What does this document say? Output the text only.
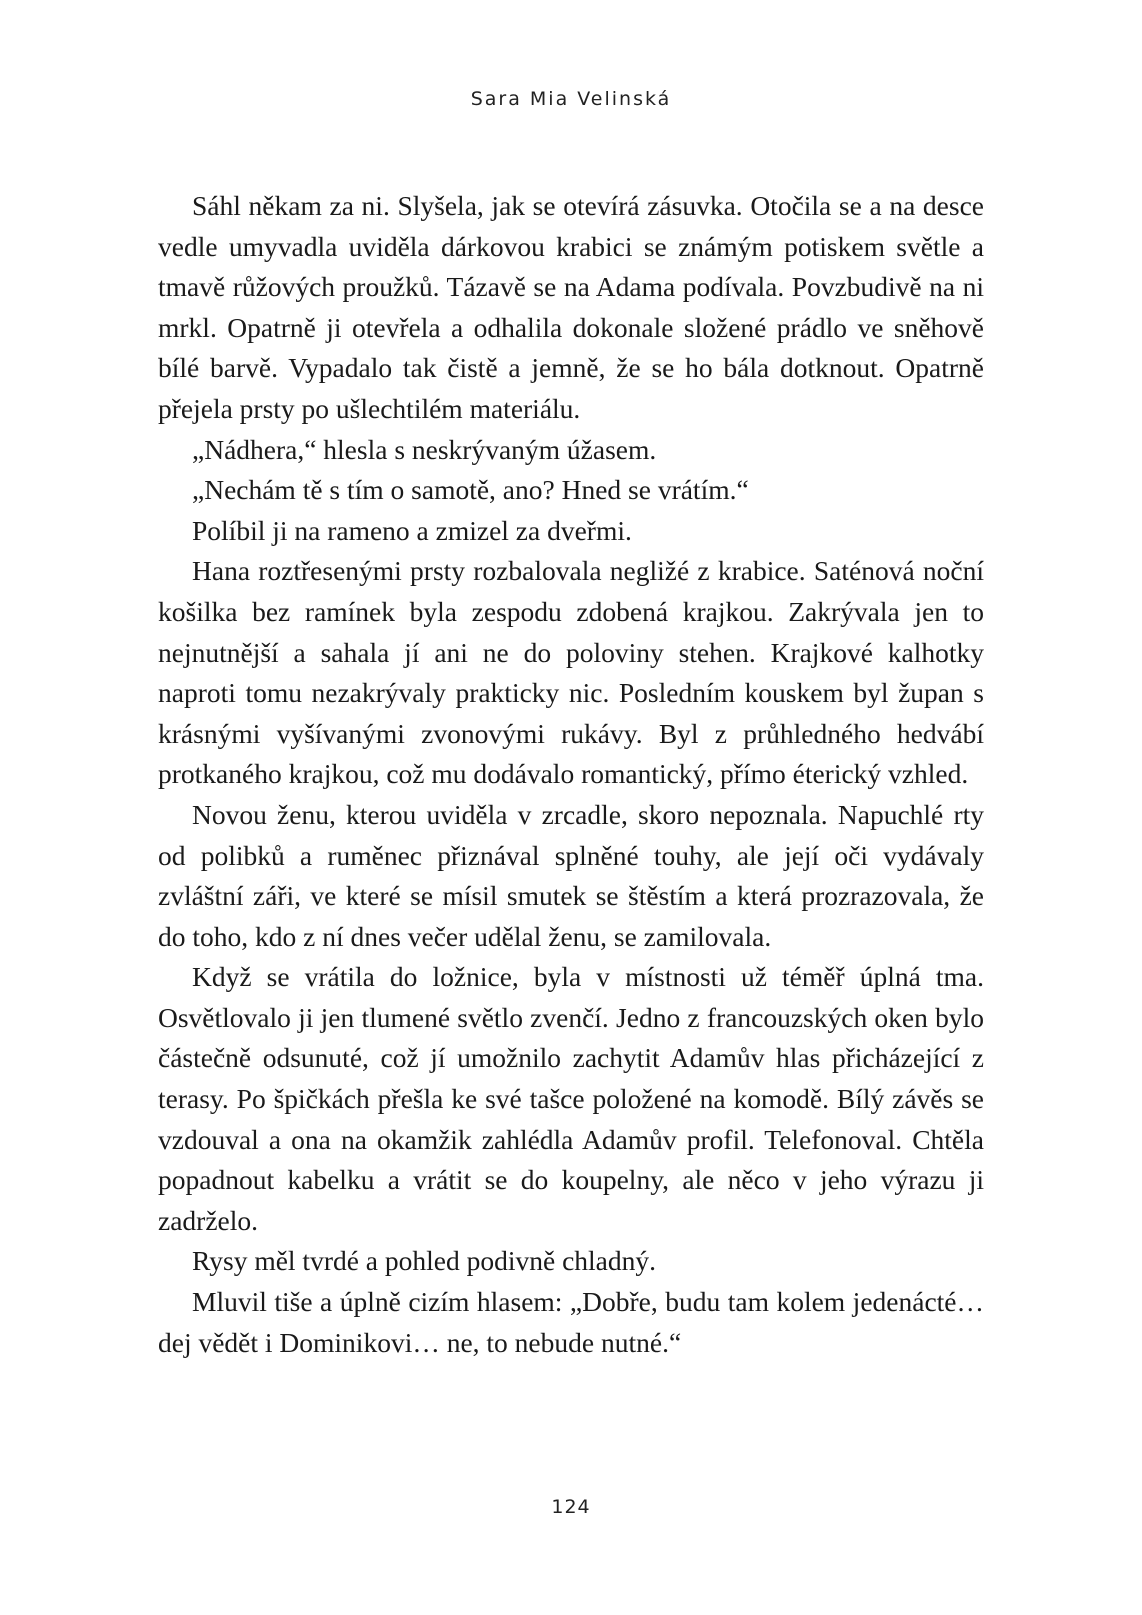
Sara Mia Velinská

Sáhl někam za ni. Slyšela, jak se otevírá zásuvka. Otočila se a na desce vedle umyvadla uviděla dárkovou krabici se známým potiskem světle a tmavě růžových proužků. Tázavě se na Adama podívala. Povzbudivě na ni mrkl. Opatrně ji otevřela a odhalila dokonale složené prádlo ve sněhově bílé barvě. Vypadalo tak čistě a jemně, že se ho bála dotknout. Opatrně přejela prsty po ušlechtilém materiálu.

„Nádhera,“ hlesla s neskrývaným úžasem.

„Nechám tě s tím o samotě, ano? Hned se vrátím.“

Políbil ji na rameno a zmizel za dveřmi.

Hana roztřesenými prsty rozbalovala negližé z krabice. Saténová noční košilka bez ramínek byla zespodu zdobená krajkou. Zakrývala jen to nejnutnější a sahala jí ani ne do poloviny stehen. Krajkové kalhotky naproti tomu nezakrývaly prakticky nic. Posledním kouskem byl župan s krásnými vyšívanými zvonovými rukávy. Byl z průhledného hedvábí protkaného krajkou, což mu dodávalo romantický, přímo éterický vzhled.

Novou ženu, kterou uviděla v zrcadle, skoro nepoznala. Napuchlé rty od polibků a ruměnec přiznával splněné touhy, ale její oči vydávaly zvláštní záři, ve které se mísil smutek se štěstím a která prozrazovala, že do toho, kdo z ní dnes večer udělal ženu, se zamilovala.

Když se vrátila do ložnice, byla v místnosti už téměř úplná tma. Osvětlovalo ji jen tlumené světlo zvenčí. Jedno z francouzských oken bylo částečně odsunuté, což jí umožnilo zachytit Adamův hlas přicházející z terasy. Po špičkách přešla ke své tašce položené na komodě. Bílý závěs se vzdouval a ona na okamžik zahlédla Adamův profil. Telefonoval. Chtěla popadnout kabelku a vrátit se do koupelny, ale něco v jeho výrazu ji zadrželo.

Rysy měl tvrdé a pohled podivně chladný.

Mluvil tiše a úplně cizím hlasem: „Dobře, budu tam kolem jedenácté… dej vědět i Dominikovi… ne, to nebude nutné.“

124
